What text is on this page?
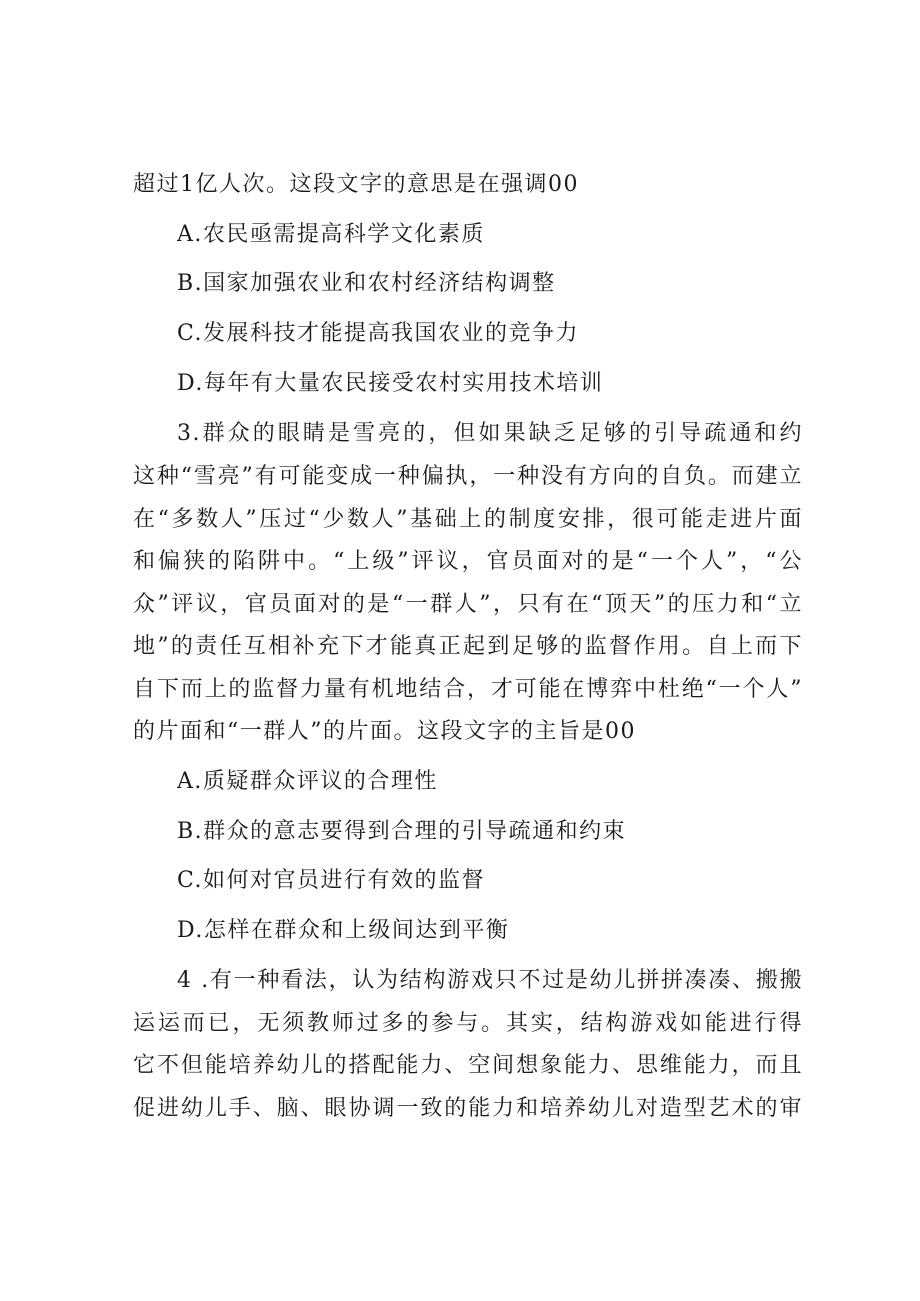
超过1亿人次。这段文字的意思是在强调00
A.农民亟需提高科学文化素质
B.国家加强农业和农村经济结构调整
C.发展科技才能提高我国农业的竞争力
D.每年有大量农民接受农村实用技术培训
3.群众的眼睛是雪亮的，但如果缺乏足够的引导疏通和约
这种“雪亮”有可能变成一种偏执，一种没有方向的自负。而建立
在“多数人”压过“少数人”基础上的制度安排，很可能走进片面
和偏狭的陷阱中。“上级”评议，官员面对的是“一个人”，“公
众”评议，官员面对的是“一群人”，只有在“顶天”的压力和“立
地”的责任互相补充下才能真正起到足够的监督作用。自上而下
自下而上的监督力量有机地结合，才可能在博弈中杜绝“一个人”
的片面和“一群人”的片面。这段文字的主旨是00
A.质疑群众评议的合理性
B.群众的意志要得到合理的引导疏通和约束
C.如何对官员进行有效的监督
D.怎样在群众和上级间达到平衡
4 .有一种看法，认为结构游戏只不过是幼儿拼拼凑凑、搬搬
运运而已，无须教师过多的参与。其实，结构游戏如能进行得
它不但能培养幼儿的搭配能力、空间想象能力、思维能力，而且
促进幼儿手、脑、眼协调一致的能力和培养幼儿对造型艺术的审
